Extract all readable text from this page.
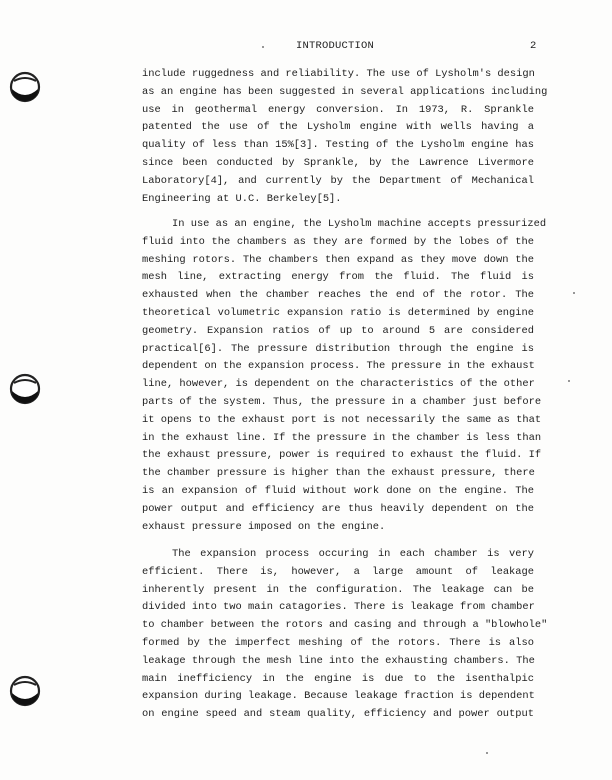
INTRODUCTION	2
include ruggedness and reliability. The use of Lysholm's design
as an engine has been suggested in several applications including
use in geothermal energy conversion. In 1973, R. Sprankle
patented the use of the Lysholm engine with wells having a
quality of less than 15%[3]. Testing of the Lysholm engine has
since been conducted by Sprankle, by the Lawrence Livermore
Laboratory[4], and currently by the Department of Mechanical
Engineering at U.C. Berkeley[5].
In use as an engine, the Lysholm machine accepts pressurized
fluid into the chambers as they are formed by the lobes of the
meshing rotors. The chambers then expand as they move down the
mesh line, extracting energy from the fluid. The fluid is
exhausted when the chamber reaches the end of the rotor. The
theoretical volumetric expansion ratio is determined by engine
geometry. Expansion ratios of up to around 5 are considered
practical[6]. The pressure distribution through the engine is
dependent on the expansion process. The pressure in the exhaust
line, however, is dependent on the characteristics of the other
parts of the system. Thus, the pressure in a chamber just before
it opens to the exhaust port is not necessarily the same as that
in the exhaust line. If the pressure in the chamber is less than
the exhaust pressure, power is required to exhaust the fluid. If
the chamber pressure is higher than the exhaust pressure, there
is an expansion of fluid without work done on the engine. The
power output and efficiency are thus heavily dependent on the
exhaust pressure imposed on the engine.
The expansion process occuring in each chamber is very
efficient. There is, however, a large amount of leakage
inherently present in the configuration. The leakage can be
divided into two main catagories. There is leakage from chamber
to chamber between the rotors and casing and through a "blowhole"
formed by the imperfect meshing of the rotors. There is also
leakage through the mesh line into the exhausting chambers. The
main inefficiency in the engine is due to the isenthalpic
expansion during leakage. Because leakage fraction is dependent
on engine speed and steam quality, efficiency and power output
